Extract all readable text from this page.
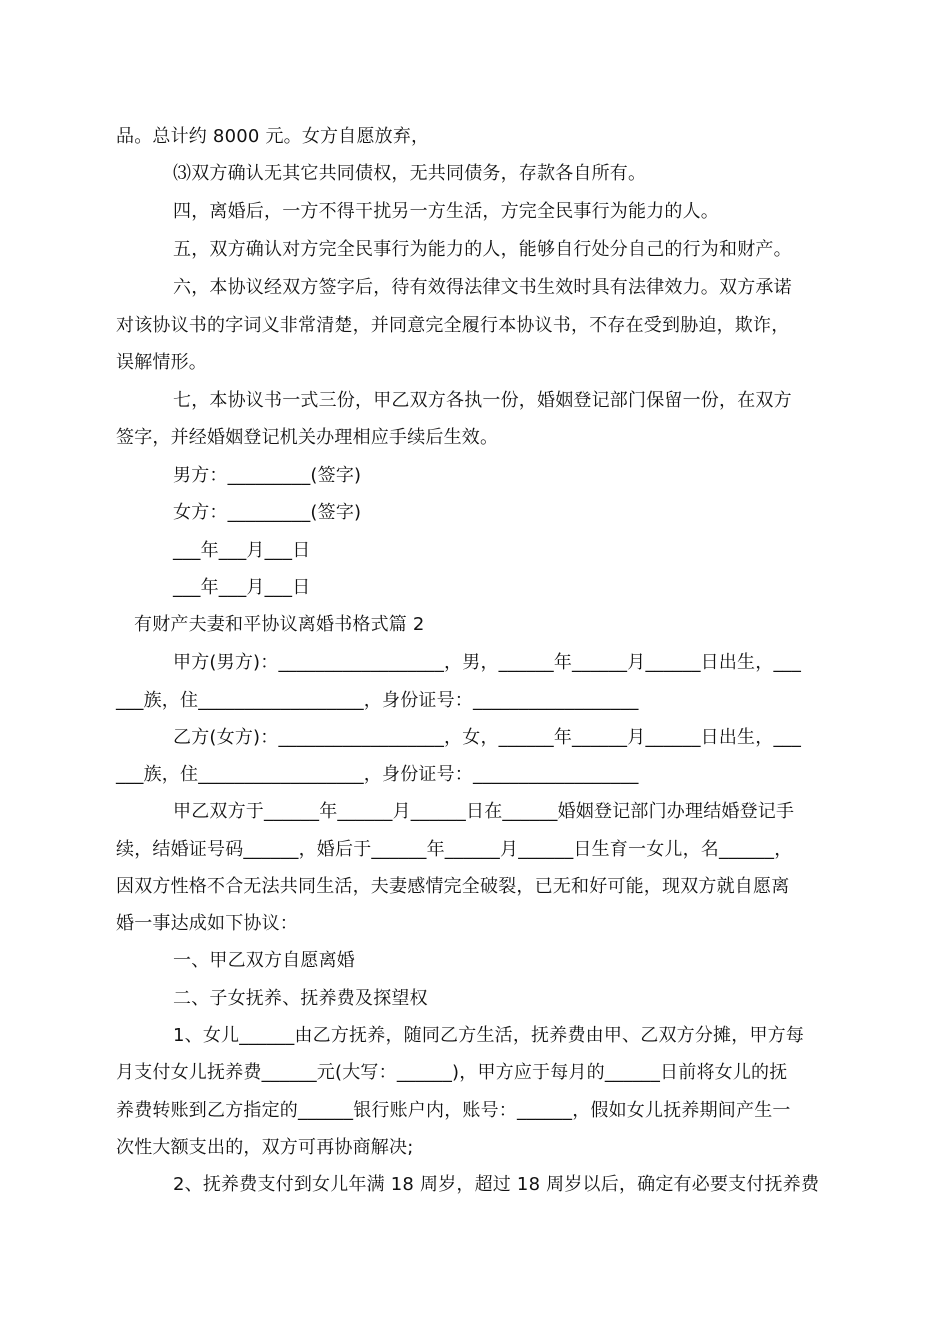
品。总计约 8000 元。女方自愿放弃，
⑶双方确认无其它共同债权，无共同债务，存款各自所有。
四，离婚后，一方不得干扰另一方生活，方完全民事行为能力的人。
五，双方确认对方完全民事行为能力的人，能够自行处分自己的行为和财产。
六，本协议经双方签字后，待有效得法律文书生效时具有法律效力。双方承诺
对该协议书的字词义非常清楚，并同意完全履行本协议书，不存在受到胁迫，欺诈，
误解情形。
七，本协议书一式三份，甲乙双方各执一份，婚姻登记部门保留一份，在双方
签字，并经婚姻登记机关办理相应手续后生效。
男方：_________(签字)
女方：_________(签字)
___年___月___日
___年___月___日
有财产夫妻和平协议离婚书格式篇 2
甲方(男方)：__________________，男，______年______月______日出生，___
___族，住__________________，身份证号：__________________
乙方(女方)：__________________，女，______年______月______日出生，___
___族，住__________________，身份证号：__________________
甲乙双方于______年______月______日在______婚姻登记部门办理结婚登记手
续，结婚证号码______，婚后于______年______月______日生育一女儿，名______，
因双方性格不合无法共同生活，夫妻感情完全破裂，已无和好可能，现双方就自愿离
婚一事达成如下协议：
一、甲乙双方自愿离婚
二、子女抚养、抚养费及探望权
1、女儿______由乙方抚养，随同乙方生活，抚养费由甲、乙双方分摊，甲方每
月支付女儿抚养费______元(大写：______)，甲方应于每月的______日前将女儿的抚
养费转账到乙方指定的______银行账户内，账号：______，假如女儿抚养期间产生一
次性大额支出的，双方可再协商解决;
2、抚养费支付到女儿年满 18 周岁，超过 18 周岁以后，确定有必要支付抚养费
